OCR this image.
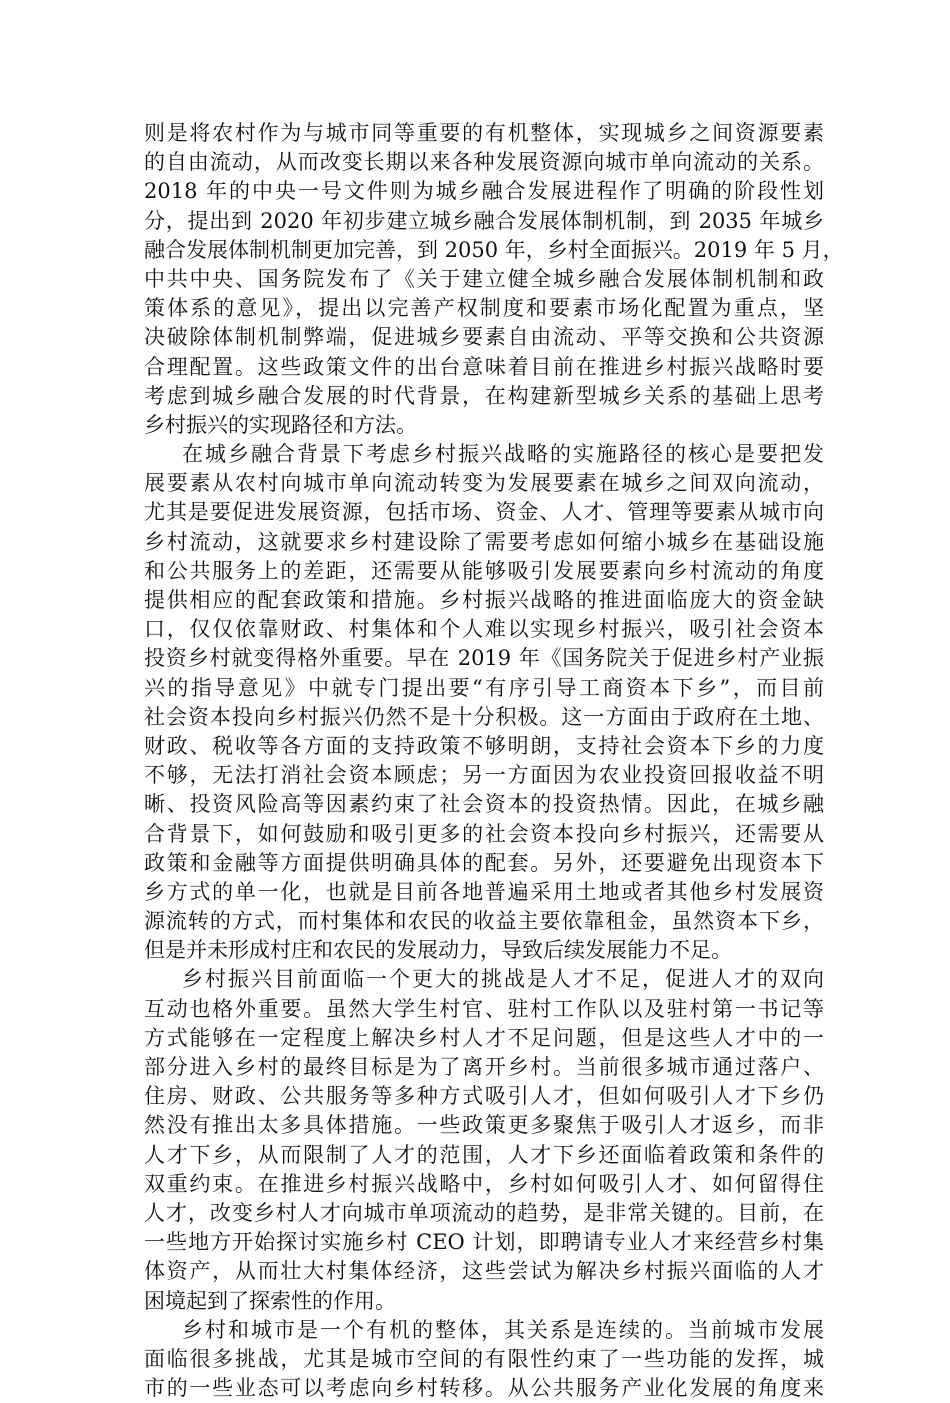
则是将农村作为与城市同等重要的有机整体，实现城乡之间资源要素
的自由流动，从而改变长期以来各种发展资源向城市单向流动的关系。
2018 年的中央一号文件则为城乡融合发展进程作了明确的阶段性划
分，提出到 2020 年初步建立城乡融合发展体制机制，到 2035 年城乡
融合发展体制机制更加完善，到 2050 年，乡村全面振兴。2019 年 5 月，
中共中央、国务院发布了《关于建立健全城乡融合发展体制机制和政
策体系的意见》，提出以完善产权制度和要素市场化配置为重点，坚
决破除体制机制弊端，促进城乡要素自由流动、平等交换和公共资源
合理配置。这些政策文件的出台意味着目前在推进乡村振兴战略时要
考虑到城乡融合发展的时代背景，在构建新型城乡关系的基础上思考
乡村振兴的实现路径和方法。
在城乡融合背景下考虑乡村振兴战略的实施路径的核心是要把发
展要素从农村向城市单向流动转变为发展要素在城乡之间双向流动，
尤其是要促进发展资源，包括市场、资金、人才、管理等要素从城市向
乡村流动，这就要求乡村建设除了需要考虑如何缩小城乡在基础设施
和公共服务上的差距，还需要从能够吸引发展要素向乡村流动的角度
提供相应的配套政策和措施。乡村振兴战略的推进面临庞大的资金缺
口，仅仅依靠财政、村集体和个人难以实现乡村振兴，吸引社会资本
投资乡村就变得格外重要。早在 2019 年《国务院关于促进乡村产业振
兴的指导意见》中就专门提出要“有序引导工商资本下乡”，而目前
社会资本投向乡村振兴仍然不是十分积极。这一方面由于政府在土地、
财政、税收等各方面的支持政策不够明朗，支持社会资本下乡的力度
不够，无法打消社会资本顾虑；另一方面因为农业投资回报收益不明
晰、投资风险高等因素约束了社会资本的投资热情。因此，在城乡融
合背景下，如何鼓励和吸引更多的社会资本投向乡村振兴，还需要从
政策和金融等方面提供明确具体的配套。另外，还要避免出现资本下
乡方式的单一化，也就是目前各地普遍采用土地或者其他乡村发展资
源流转的方式，而村集体和农民的收益主要依靠租金，虽然资本下乡，
但是并未形成村庄和农民的发展动力，导致后续发展能力不足。
乡村振兴目前面临一个更大的挑战是人才不足，促进人才的双向
互动也格外重要。虽然大学生村官、驻村工作队以及驻村第一书记等
方式能够在一定程度上解决乡村人才不足问题，但是这些人才中的一
部分进入乡村的最终目标是为了离开乡村。当前很多城市通过落户、
住房、财政、公共服务等多种方式吸引人才，但如何吸引人才下乡仍
然没有推出太多具体措施。一些政策更多聚焦于吸引人才返乡，而非
人才下乡，从而限制了人才的范围，人才下乡还面临着政策和条件的
双重约束。在推进乡村振兴战略中，乡村如何吸引人才、如何留得住
人才，改变乡村人才向城市单项流动的趋势，是非常关键的。目前，在
一些地方开始探讨实施乡村 CEO 计划，即聘请专业人才来经营乡村集
体资产，从而壮大村集体经济，这些尝试为解决乡村振兴面临的人才
困境起到了探索性的作用。
乡村和城市是一个有机的整体，其关系是连续的。当前城市发展
面临很多挑战，尤其是城市空间的有限性约束了一些功能的发挥，城
市的一些业态可以考虑向乡村转移。从公共服务产业化发展的角度来
